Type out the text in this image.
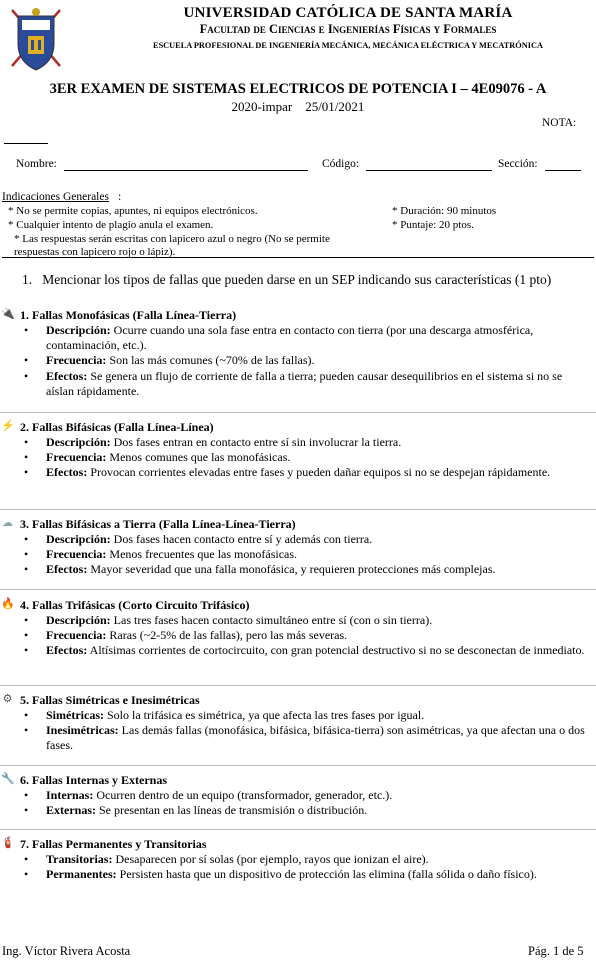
UNIVERSIDAD CATÓLICA DE SANTA MARÍA
Facultad de Ciencias e Ingenierías Físicas y Formales
ESCUELA PROFESIONAL DE INGENIERÍA MECÁNICA, MECÁNICA ELÉCTRICA Y MECATRÓNICA
3ER EXAMEN DE SISTEMAS ELECTRICOS DE POTENCIA I – 4E09076 - A
2020-impar    25/01/2021
NOTA:
Nombre:	Código:	Sección:
Indicaciones Generales :
* No se permite copias, apuntes, ni equipos electrónicos.
* Cualquier intento de plagio anula el examen.
* Las respuestas serán escritas con lapicero azul o negro (No se permite
respuestas con lapicero rojo o lápiz).
* Duración: 90 minutos
* Puntaje: 20 ptos.
1. Mencionar los tipos de fallas que pueden darse en un SEP indicando sus características (1 pto)
🔌 1. Fallas Monofásicas (Falla Línea-Tierra)
• Descripción: Ocurre cuando una sola fase entra en contacto con tierra (por una descarga atmosférica, contaminación, etc.).
• Frecuencia: Son las más comunes (~70% de las fallas).
• Efectos: Se genera un flujo de corriente de falla a tierra; pueden causar desequilibrios en el sistema si no se aíslan rápidamente.
⚡ 2. Fallas Bifásicas (Falla Línea-Línea)
• Descripción: Dos fases entran en contacto entre sí sin involucrar la tierra.
• Frecuencia: Menos comunes que las monofásicas.
• Efectos: Provocan corrientes elevadas entre fases y pueden dañar equipos si no se despejan rápidamente.
☁ 3. Fallas Bifásicas a Tierra (Falla Línea-Línea-Tierra)
• Descripción: Dos fases hacen contacto entre sí y además con tierra.
• Frecuencia: Menos frecuentes que las monofásicas.
• Efectos: Mayor severidad que una falla monofásica, y requieren protecciones más complejas.
🔥 4. Fallas Trifásicas (Corto Circuito Trifásico)
• Descripción: Las tres fases hacen contacto simultáneo entre sí (con o sin tierra).
• Frecuencia: Raras (~2-5% de las fallas), pero las más severas.
• Efectos: Altísimas corrientes de cortocircuito, con gran potencial destructivo si no se desconectan de inmediato.
⚙ 5. Fallas Simétricas e Inesimétricas
• Simétricas: Solo la trifásica es simétrica, ya que afecta las tres fases por igual.
• Inesimétricas: Las demás fallas (monofásica, bifásica, bifásica-tierra) son asimétricas, ya que afectan una o dos fases.
🔧 6. Fallas Internas y Externas
• Internas: Ocurren dentro de un equipo (transformador, generador, etc.).
• Externas: Se presentan en las líneas de transmisión o distribución.
🧯 7. Fallas Permanentes y Transitorias
• Transitorias: Desaparecen por sí solas (por ejemplo, rayos que ionizan el aire).
• Permanentes: Persisten hasta que un dispositivo de protección las elimina (falla sólida o daño físico).
Ing. Víctor Rivera Acosta	Pág. 1 de 5
